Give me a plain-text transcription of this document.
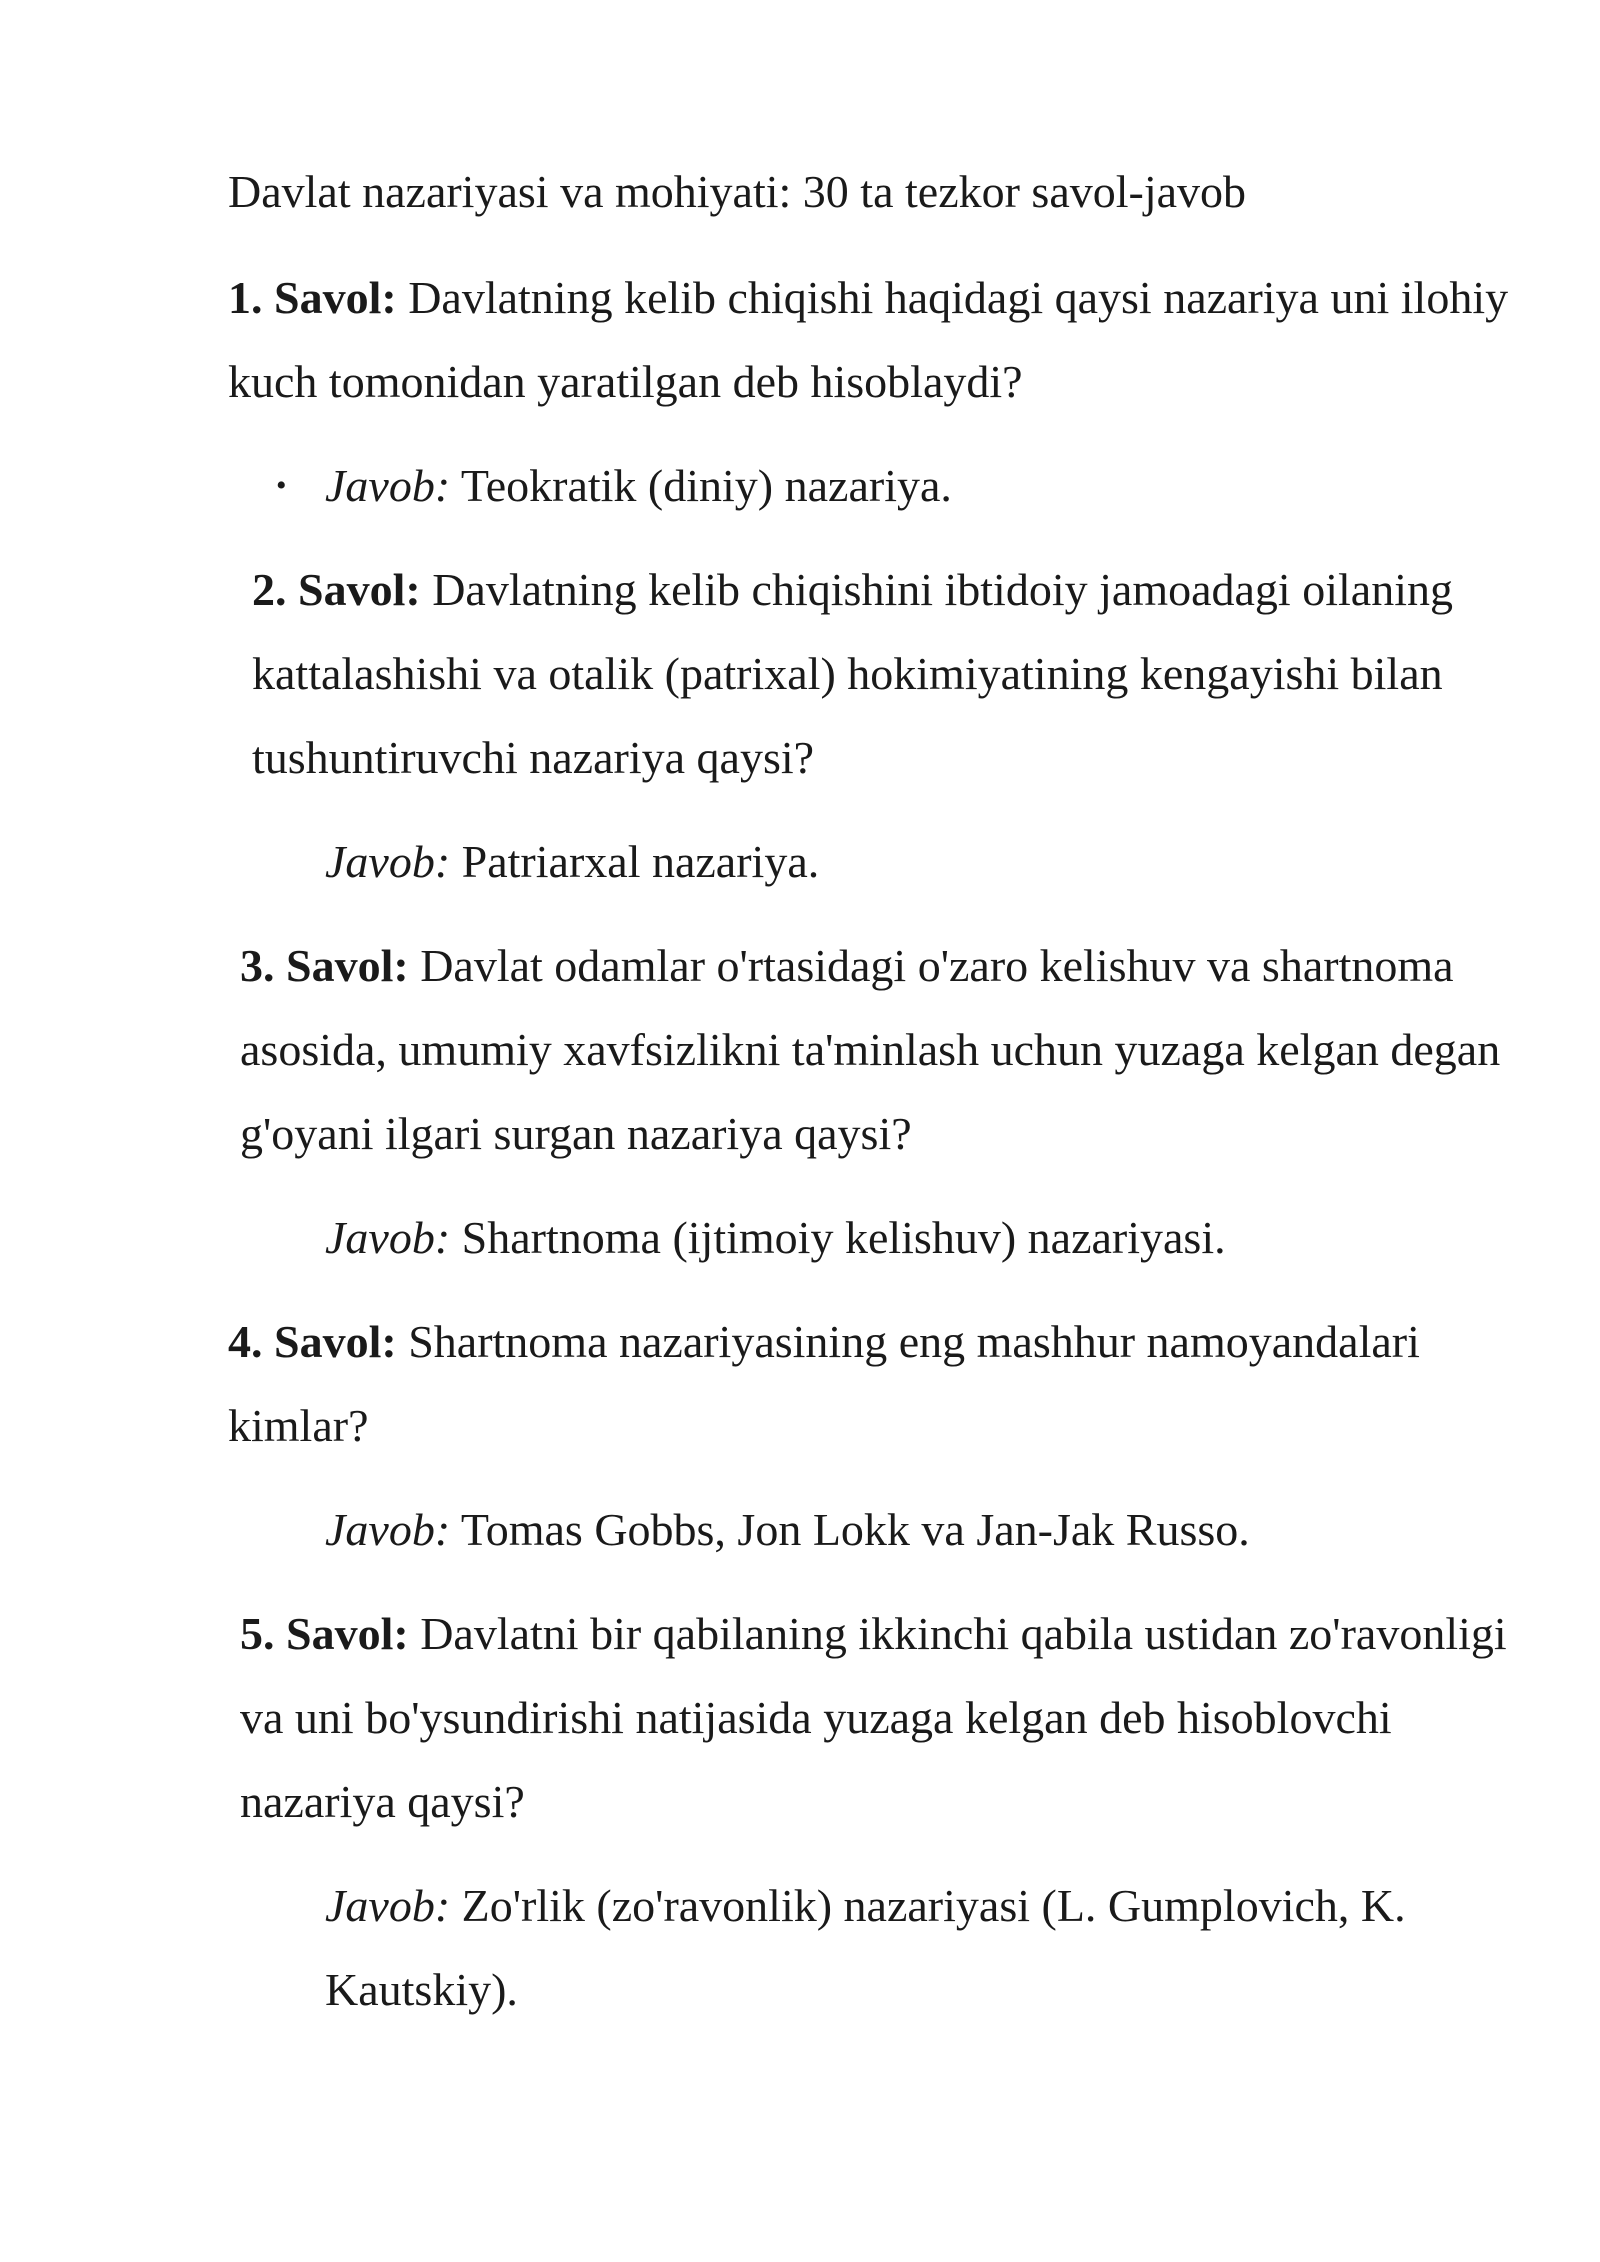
Davlat nazariyasi va mohiyati: 30 ta tezkor savol-javob

1. Savol: Davlatning kelib chiqishi haqidagi qaysi nazariya uni ilohiy kuch tomonidan yaratilgan deb hisoblaydi?

• Javob: Teokratik (diniy) nazariya.

2. Savol: Davlatning kelib chiqishini ibtidoiy jamoadagi oilaning kattalashishi va otalik (patrixal) hokimiyatining kengayishi bilan tushuntiruvchi nazariya qaysi?

Javob: Patriarxal nazariya.

3. Savol: Davlat odamlar o'rtasidagi o'zaro kelishuv va shartnoma asosida, umumiy xavfsizlikni ta'minlash uchun yuzaga kelgan degan g'oyani ilgari surgan nazariya qaysi?

Javob: Shartnoma (ijtimoiy kelishuv) nazariyasi.

4. Savol: Shartnoma nazariyasining eng mashhur namoyandalari kimlar?

Javob: Tomas Gobbs, Jon Lokk va Jan-Jak Russo.

5. Savol: Davlatni bir qabilaning ikkinchi qabila ustidan zo'ravonligi va uni bo'ysundirishi natijasida yuzaga kelgan deb hisoblovchi nazariya qaysi?

Javob: Zo'rlik (zo'ravonlik) nazariyasi (L. Gumplovich, K. Kautskiy).
